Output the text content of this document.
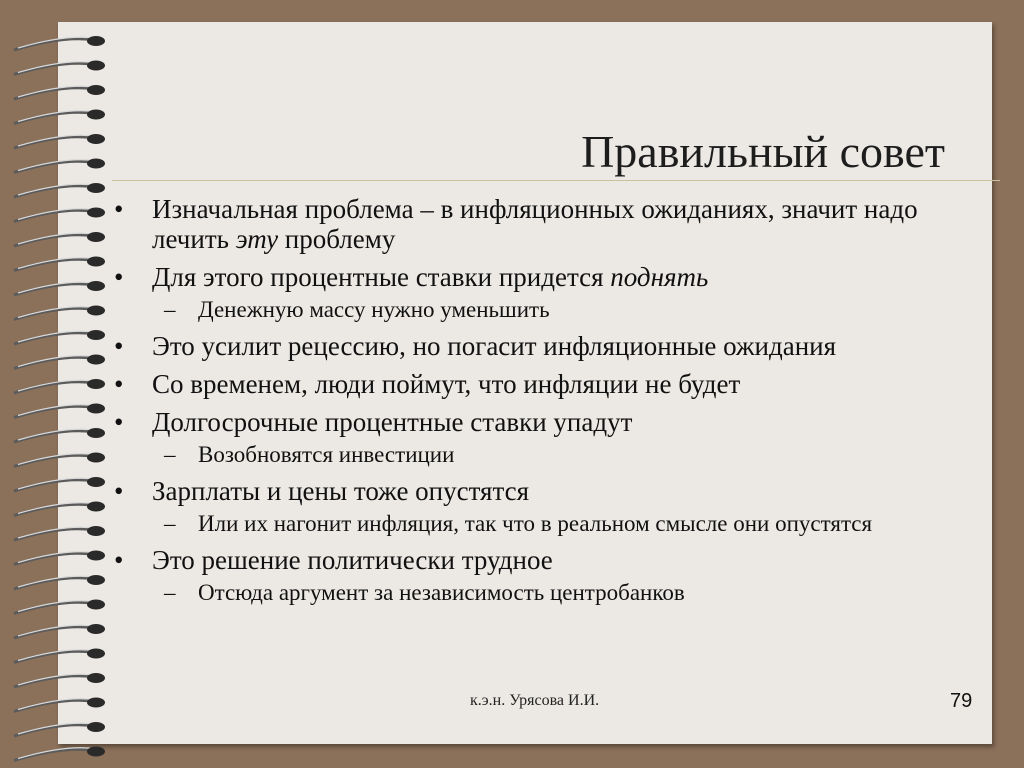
Правильный совет
•	Изначальная проблема – в инфляционных ожиданиях, значит надо лечить эту проблему
•	Для этого процентные ставки придется поднять
– Денежную массу нужно уменьшить
•	Это усилит рецессию, но погасит инфляционные ожидания
•	Со временем, люди поймут, что инфляции не будет
•	Долгосрочные процентные ставки упадут
– Возобновятся инвестиции
•	Зарплаты и цены тоже опустятся
– Или их нагонит инфляция, так что в реальном смысле они опустятся
•	Это решение политически трудное
– Отсюда аргумент за независимость центробанков
к.э.н. Урясова И.И.	79
